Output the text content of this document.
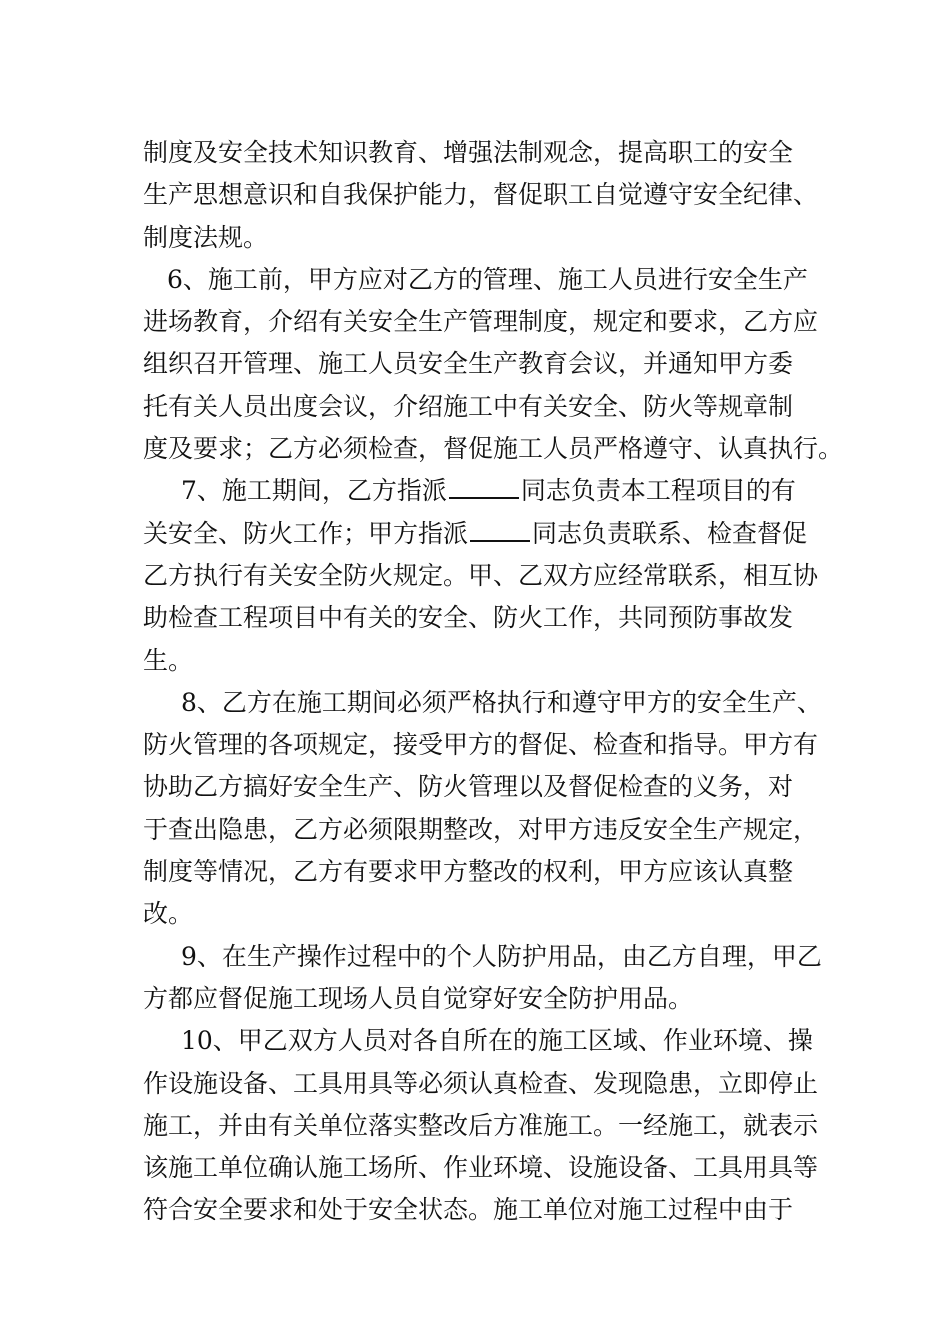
制度及安全技术知识教育、增强法制观念，提高职工的安全
生产思想意识和自我保护能力，督促职工自觉遵守安全纪律、
制度法规。
6、施工前，甲方应对乙方的管理、施工人员进行安全生产
进场教育，介绍有关安全生产管理制度，规定和要求，乙方应
组织召开管理、施工人员安全生产教育会议，并通知甲方委
托有关人员出度会议，介绍施工中有关安全、防火等规章制
度及要求；乙方必须检查，督促施工人员严格遵守、认真执行。
7、施工期间，乙方指派	同志负责本工程项目的有
关安全、防火工作；甲方指派	同志负责联系、检查督促
乙方执行有关安全防火规定。甲、乙双方应经常联系，相互协
助检查工程项目中有关的安全、防火工作，共同预防事故发
生。
8、乙方在施工期间必须严格执行和遵守甲方的安全生产、
防火管理的各项规定，接受甲方的督促、检查和指导。甲方有
协助乙方搞好安全生产、防火管理以及督促检查的义务，对
于查出隐患，乙方必须限期整改，对甲方违反安全生产规定，
制度等情况，乙方有要求甲方整改的权利，甲方应该认真整
改。
9、在生产操作过程中的个人防护用品，由乙方自理，甲乙
方都应督促施工现场人员自觉穿好安全防护用品。
10、甲乙双方人员对各自所在的施工区域、作业环境、操
作设施设备、工具用具等必须认真检查、发现隐患，立即停止
施工，并由有关单位落实整改后方准施工。一经施工，就表示
该施工单位确认施工场所、作业环境、设施设备、工具用具等
符合安全要求和处于安全状态。施工单位对施工过程中由于
